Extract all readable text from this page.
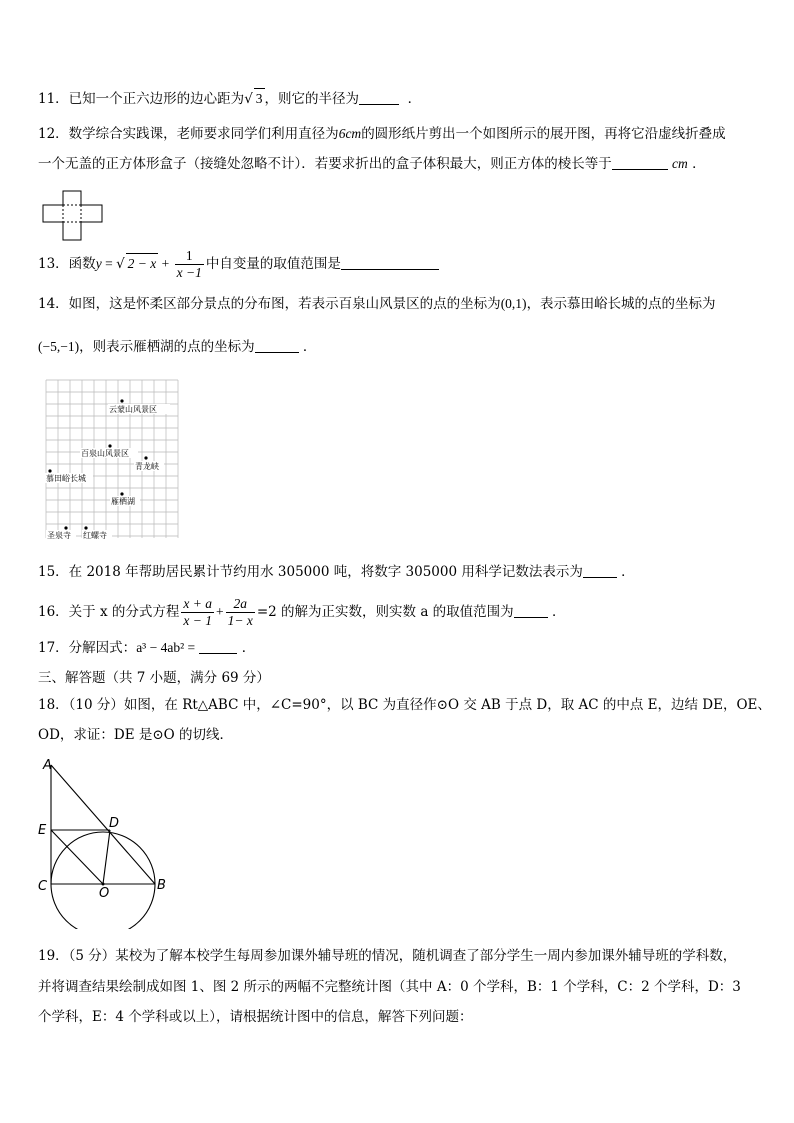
11．已知一个正六边形的边心距为√ 3 ，则它的半径为	．
12．数学综合实践课，老师要求同学们利用直径为6cm的圆形纸片剪出一个如图所示的展开图，再将它沿虚线折叠成
一个无盖的正方体形盒子（接缝处忽略不计）．若要求折出的盒子体积最大，则正方体的棱长等于	cm ．
13．函数y = √ $2 - x + \frac{1}{x -1}$ 中自变量的取值范围是
14．如图，这是怀柔区部分景点的分布图，若表示百泉山风景区的点的坐标为(0,1)，表示慕田峪长城的点的坐标为
(−5,−1)，则表示雁栖湖的点的坐标为	．
云蒙山风景区
百泉山风景区
青龙峡
慕田峪长城
雁栖湖
圣泉寺 红螺寺
15．在 2018 年帮助居民累计节约用水 305000 吨，将数字 305000 用科学记数法表示为	．
16．关于 x 的分式方程 $\frac{x + a}{x - 1} + \frac{2a}{1- x} =2$ 的解为正实数，则实数 a 的取值范围为	．
17．分解因式：a³ − 4ab² =	．
三、解答题（共 7 小题，满分 69 分）
18．（10 分）如图，在 Rt△ABC 中，∠C=90°，以 BC 为直径作⊙O 交 AB 于点 D，取 AC 的中点 E，边结 DE，OE、
OD，求证：DE 是⊙O 的切线．
A
E
C
D
O
B
19．（5 分）某校为了解本校学生每周参加课外辅导班的情况，随机调查了部分学生一周内参加课外辅导班的学科数，
并将调查结果绘制成如图 1、图 2 所示的两幅不完整统计图（其中 A：0 个学科，B：1 个学科，C：2 个学科，D：3
个学科，E：4 个学科或以上），请根据统计图中的信息，解答下列问题：
